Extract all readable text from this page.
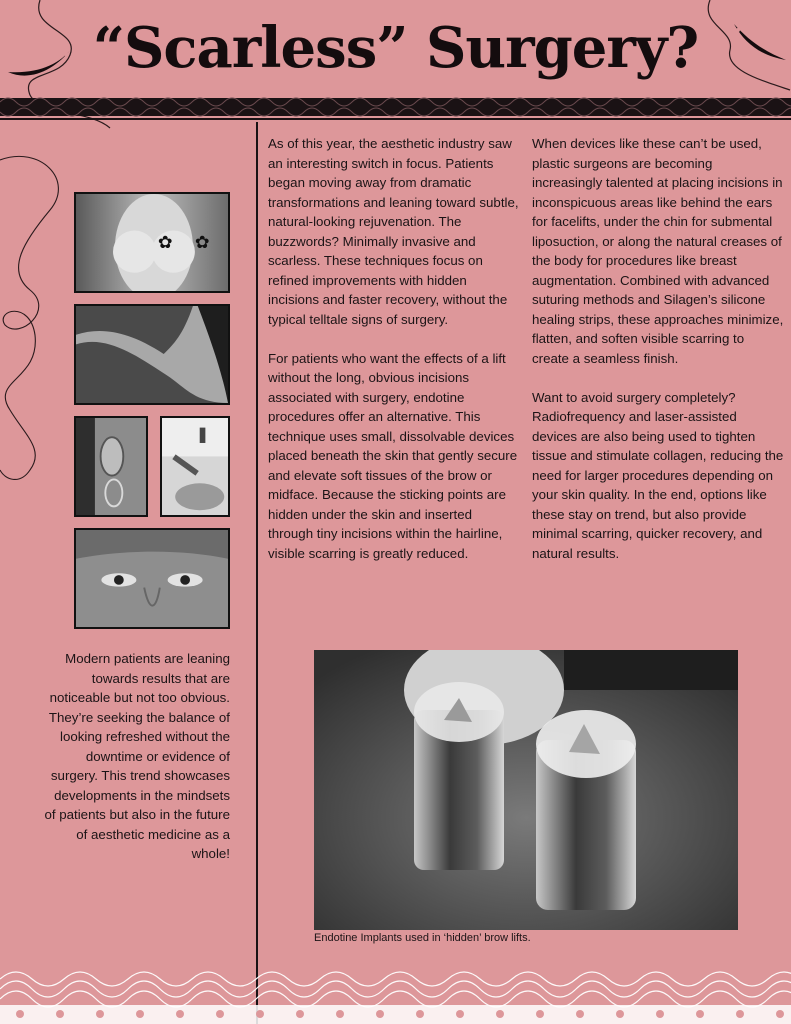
“Scarless” Surgery?
✿ ✿
Modern patients are leaning towards results that are noticeable but not too obvious. They’re seeking the balance of looking refreshed without the downtime or evidence of surgery. This trend showcases developments in the mindsets of patients but also in the future of aesthetic medicine as a whole!

As of this year, the aesthetic industry saw an interesting switch in focus. Patients began moving away from dramatic transformations and leaning toward subtle, natural-looking rejuvenation. The buzzwords? Minimally invasive and scarless. These techniques focus on refined improvements with hidden incisions and faster recovery, without the typical telltale signs of surgery.

For patients who want the effects of a lift without the long, obvious incisions associated with surgery, endotine procedures offer an alternative. This technique uses small, dissolvable devices placed beneath the skin that gently secure and elevate soft tissues of the brow or midface. Because the sticking points are hidden under the skin and inserted through tiny incisions within the hairline, visible scarring is greatly reduced.

When devices like these can’t be used, plastic surgeons are becoming increasingly talented at placing incisions in inconspicuous areas like behind the ears for facelifts, under the chin for submental liposuction, or along the natural creases of the body for procedures like breast augmentation. Combined with advanced suturing methods and Silagen’s silicone healing strips, these approaches minimize, flatten, and soften visible scarring to create a seamless finish.

Want to avoid surgery completely? Radiofrequency and laser-assisted devices are also being used to tighten tissue and stimulate collagen, reducing the need for larger procedures depending on your skin quality. In the end, options like these stay on trend, but also provide minimal scarring, quicker recovery, and natural results.

Endotine Implants used in ‘hidden’ brow lifts.
